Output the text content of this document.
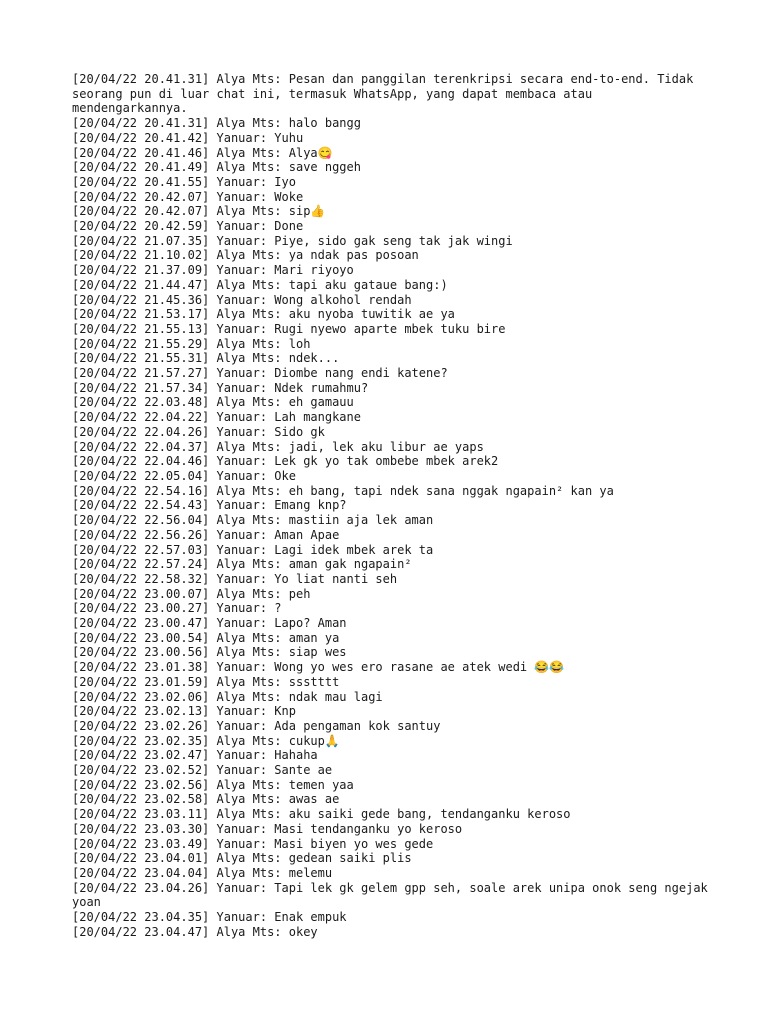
[20/04/22 20.41.31] Alya Mts: Pesan dan panggilan terenkripsi secara end-to-end. Tidak seorang pun di luar chat ini, termasuk WhatsApp, yang dapat membaca atau mendengarkannya.
[20/04/22 20.41.31] Alya Mts: halo bangg
[20/04/22 20.41.42] Yanuar: Yuhu
[20/04/22 20.41.46] Alya Mts: Alya😋
[20/04/22 20.41.49] Alya Mts: save nggeh
[20/04/22 20.41.55] Yanuar: Iyo
[20/04/22 20.42.07] Yanuar: Woke
[20/04/22 20.42.07] Alya Mts: sip👍
[20/04/22 20.42.59] Yanuar: Done
[20/04/22 21.07.35] Yanuar: Piye, sido gak seng tak jak wingi
[20/04/22 21.10.02] Alya Mts: ya ndak pas posoan
[20/04/22 21.37.09] Yanuar: Mari riyoyo
[20/04/22 21.44.47] Alya Mts: tapi aku gataue bang:)
[20/04/22 21.45.36] Yanuar: Wong alkohol rendah
[20/04/22 21.53.17] Alya Mts: aku nyoba tuwitik ae ya
[20/04/22 21.55.13] Yanuar: Rugi nyewo aparte mbek tuku bire
[20/04/22 21.55.29] Alya Mts: loh
[20/04/22 21.55.31] Alya Mts: ndek...
[20/04/22 21.57.27] Yanuar: Diombe nang endi katene?
[20/04/22 21.57.34] Yanuar: Ndek rumahmu?
[20/04/22 22.03.48] Alya Mts: eh gamauu
[20/04/22 22.04.22] Yanuar: Lah mangkane
[20/04/22 22.04.26] Yanuar: Sido gk
[20/04/22 22.04.37] Alya Mts: jadi, lek aku libur ae yaps
[20/04/22 22.04.46] Yanuar: Lek gk yo tak ombebe mbek arek2
[20/04/22 22.05.04] Yanuar: Oke
[20/04/22 22.54.16] Alya Mts: eh bang, tapi ndek sana nggak ngapain² kan ya
[20/04/22 22.54.43] Yanuar: Emang knp?
[20/04/22 22.56.04] Alya Mts: mastiin aja lek aman
[20/04/22 22.56.26] Yanuar: Aman Apae
[20/04/22 22.57.03] Yanuar: Lagi idek mbek arek ta
[20/04/22 22.57.24] Alya Mts: aman gak ngapain²
[20/04/22 22.58.32] Yanuar: Yo liat nanti seh
[20/04/22 23.00.07] Alya Mts: peh
[20/04/22 23.00.27] Yanuar: ?
[20/04/22 23.00.47] Yanuar: Lapo? Aman
[20/04/22 23.00.54] Alya Mts: aman ya
[20/04/22 23.00.56] Alya Mts: siap wes
[20/04/22 23.01.38] Yanuar: Wong yo wes ero rasane ae atek wedi 😂😂
[20/04/22 23.01.59] Alya Mts: ssstttt
[20/04/22 23.02.06] Alya Mts: ndak mau lagi
[20/04/22 23.02.13] Yanuar: Knp
[20/04/22 23.02.26] Yanuar: Ada pengaman kok santuy
[20/04/22 23.02.35] Alya Mts: cukup🙏
[20/04/22 23.02.47] Yanuar: Hahaha
[20/04/22 23.02.52] Yanuar: Sante ae
[20/04/22 23.02.56] Alya Mts: temen yaa
[20/04/22 23.02.58] Alya Mts: awas ae
[20/04/22 23.03.11] Alya Mts: aku saiki gede bang, tendanganku keroso
[20/04/22 23.03.30] Yanuar: Masi tendanganku yo keroso
[20/04/22 23.03.49] Yanuar: Masi biyen yo wes gede
[20/04/22 23.04.01] Alya Mts: gedean saiki plis
[20/04/22 23.04.04] Alya Mts: melemu
[20/04/22 23.04.26] Yanuar: Tapi lek gk gelem gpp seh, soale arek unipa onok seng ngejak yoan
[20/04/22 23.04.35] Yanuar: Enak empuk
[20/04/22 23.04.47] Alya Mts: okey
